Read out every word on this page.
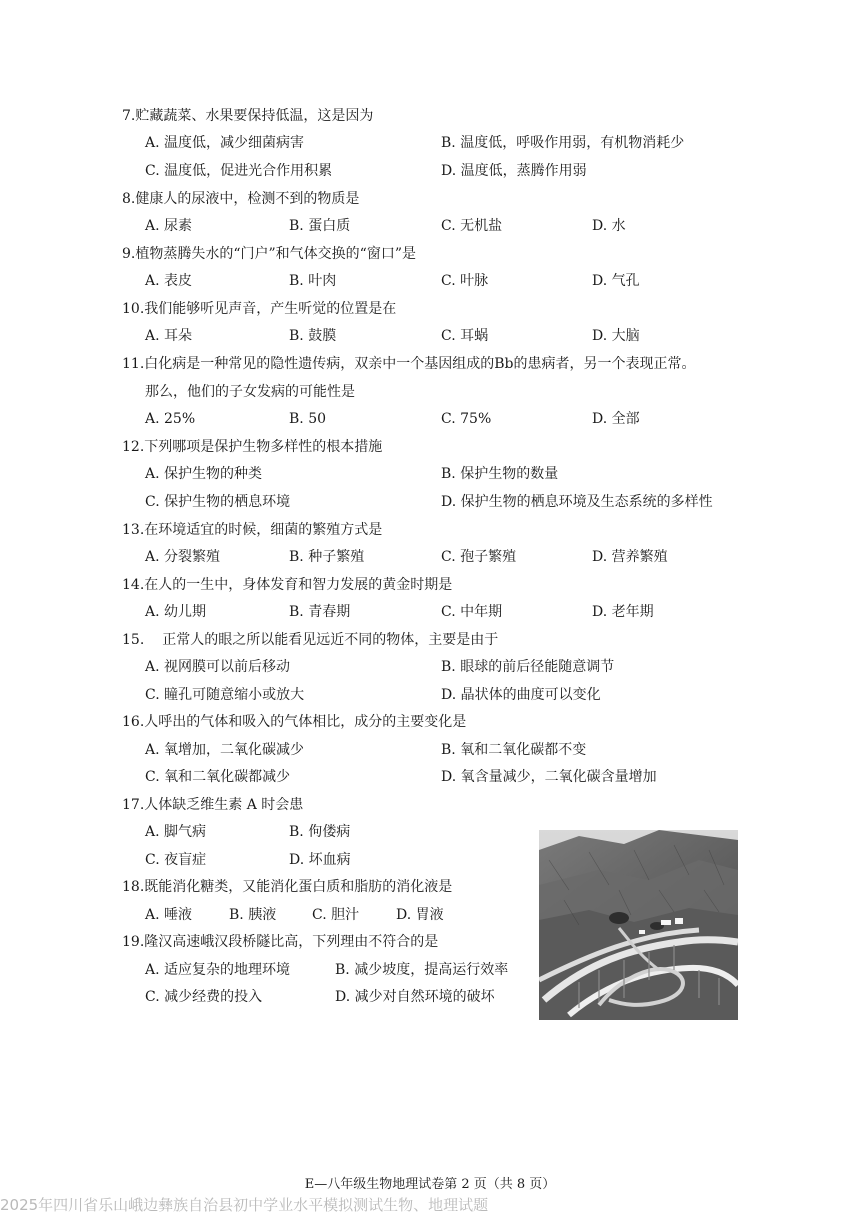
7.贮藏蔬菜、水果要保持低温，这是因为
A. 温度低，减少细菌病害	B. 温度低，呼吸作用弱，有机物消耗少
C. 温度低，促进光合作用积累	D. 温度低，蒸腾作用弱
8.健康人的尿液中，检测不到的物质是
A. 尿素	B. 蛋白质	C. 无机盐	D. 水
9.植物蒸腾失水的“门户”和气体交换的“窗口”是
A. 表皮	B. 叶肉	C. 叶脉	D. 气孔
10.我们能够听见声音，产生听觉的位置是在
A. 耳朵	B. 鼓膜	C. 耳蜗	D. 大脑
11.白化病是一种常见的隐性遗传病，双亲中一个基因组成的Bb的患病者，另一个表现正常。
那么，他们的子女发病的可能性是
A. 25%	B. 50	C. 75%	D. 全部
12.下列哪项是保护生物多样性的根本措施
A. 保护生物的种类	B. 保护生物的数量
C. 保护生物的栖息环境	D. 保护生物的栖息环境及生态系统的多样性
13.在环境适宜的时候，细菌的繁殖方式是
A. 分裂繁殖	B. 种子繁殖	C. 孢子繁殖	D. 营养繁殖
14.在人的一生中，身体发育和智力发展的黄金时期是
A. 幼儿期	B. 青春期	C. 中年期	D. 老年期
15. 正常人的眼之所以能看见远近不同的物体，主要是由于
A. 视网膜可以前后移动	B. 眼球的前后径能随意调节
C. 瞳孔可随意缩小或放大	D. 晶状体的曲度可以变化
16.人呼出的气体和吸入的气体相比，成分的主要变化是
A. 氧增加，二氧化碳减少	B. 氧和二氧化碳都不变
C. 氧和二氧化碳都减少	D. 氧含量减少，二氧化碳含量增加
17.人体缺乏维生素 A 时会患
A. 脚气病	B. 佝偻病
C. 夜盲症	D. 坏血病
18.既能消化糖类，又能消化蛋白质和脂肪的消化液是
A. 唾液	B. 胰液	C. 胆汁	D. 胃液
19.隆汉高速峨汉段桥隧比高，下列理由不符合的是
A. 适应复杂的地理环境	B. 减少坡度，提高运行效率
C. 减少经费的投入	D. 减少对自然环境的破坏
E—八年级生物地理试卷第 2 页（共 8 页）
2025年四川省乐山峨边彝族自治县初中学业水平模拟测试生物、地理试题
